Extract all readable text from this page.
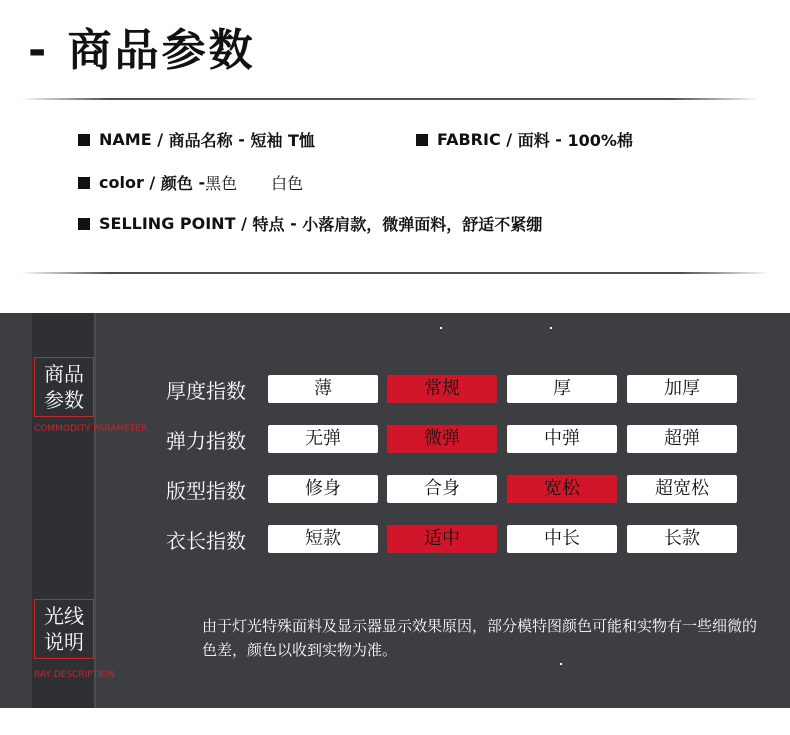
- 商品参数
NAME
/
商品名称
-
短袖 T恤	FABRIC
/
面料
-
100%棉
color
/
颜色
- 黑色 白色
SELLING POINT
/
特点
-
小落肩款，微弹面料，舒适不紧绷
商品参数
COMMODITY PARAMETER
厚度指数	薄	常规	厚	加厚
弹力指数	无弹	微弹	中弹	超弹
版型指数	修身	合身	宽松	超宽松
衣长指数	短款	适中	中长	长款
光线说明
RAY DESCRIPTION
由于灯光特殊面料及显示器显示效果原因，部分模特图颜色可能和实物有一些细微的色差，颜色以收到实物为准。
